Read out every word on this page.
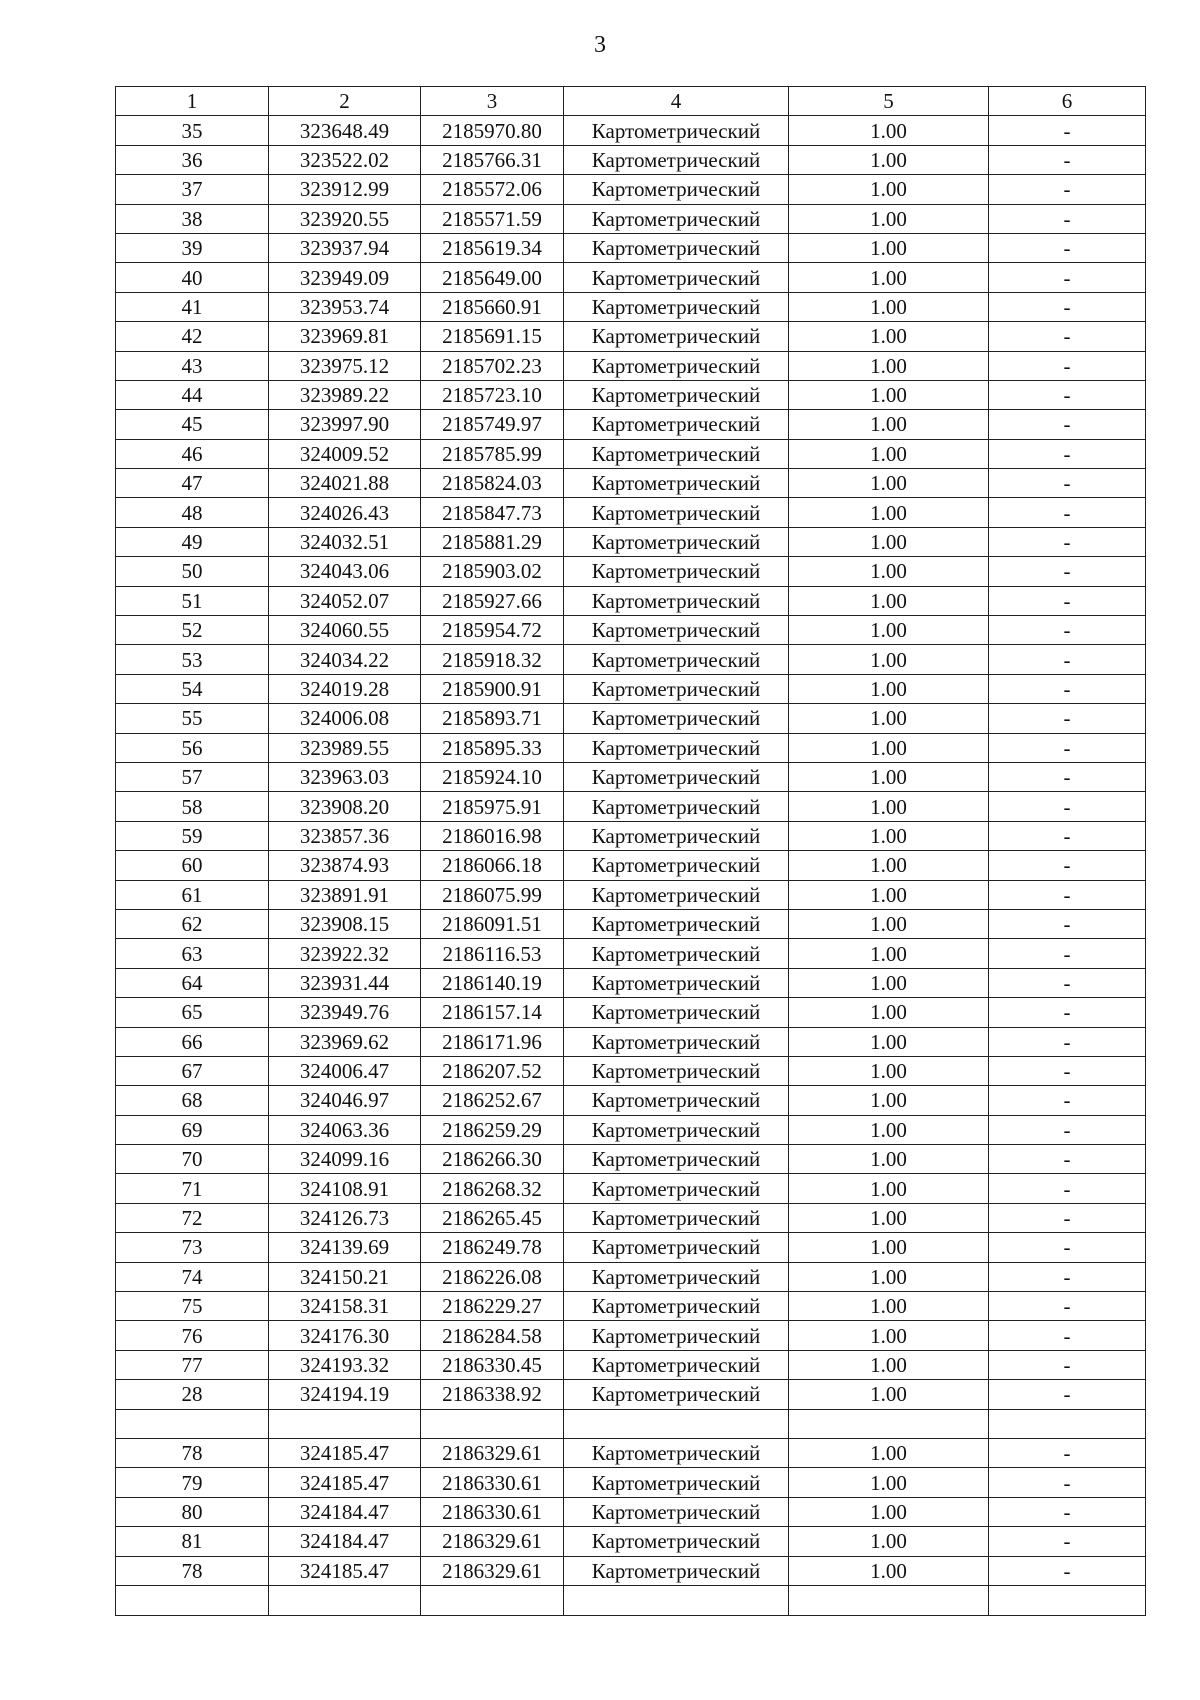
3
1	2	3	4	5	6
35	323648.49	2185970.80	Картометрический	1.00	-
36	323522.02	2185766.31	Картометрический	1.00	-
37	323912.99	2185572.06	Картометрический	1.00	-
38	323920.55	2185571.59	Картометрический	1.00	-
39	323937.94	2185619.34	Картометрический	1.00	-
40	323949.09	2185649.00	Картометрический	1.00	-
41	323953.74	2185660.91	Картометрический	1.00	-
42	323969.81	2185691.15	Картометрический	1.00	-
43	323975.12	2185702.23	Картометрический	1.00	-
44	323989.22	2185723.10	Картометрический	1.00	-
45	323997.90	2185749.97	Картометрический	1.00	-
46	324009.52	2185785.99	Картометрический	1.00	-
47	324021.88	2185824.03	Картометрический	1.00	-
48	324026.43	2185847.73	Картометрический	1.00	-
49	324032.51	2185881.29	Картометрический	1.00	-
50	324043.06	2185903.02	Картометрический	1.00	-
51	324052.07	2185927.66	Картометрический	1.00	-
52	324060.55	2185954.72	Картометрический	1.00	-
53	324034.22	2185918.32	Картометрический	1.00	-
54	324019.28	2185900.91	Картометрический	1.00	-
55	324006.08	2185893.71	Картометрический	1.00	-
56	323989.55	2185895.33	Картометрический	1.00	-
57	323963.03	2185924.10	Картометрический	1.00	-
58	323908.20	2185975.91	Картометрический	1.00	-
59	323857.36	2186016.98	Картометрический	1.00	-
60	323874.93	2186066.18	Картометрический	1.00	-
61	323891.91	2186075.99	Картометрический	1.00	-
62	323908.15	2186091.51	Картометрический	1.00	-
63	323922.32	2186116.53	Картометрический	1.00	-
64	323931.44	2186140.19	Картометрический	1.00	-
65	323949.76	2186157.14	Картометрический	1.00	-
66	323969.62	2186171.96	Картометрический	1.00	-
67	324006.47	2186207.52	Картометрический	1.00	-
68	324046.97	2186252.67	Картометрический	1.00	-
69	324063.36	2186259.29	Картометрический	1.00	-
70	324099.16	2186266.30	Картометрический	1.00	-
71	324108.91	2186268.32	Картометрический	1.00	-
72	324126.73	2186265.45	Картометрический	1.00	-
73	324139.69	2186249.78	Картометрический	1.00	-
74	324150.21	2186226.08	Картометрический	1.00	-
75	324158.31	2186229.27	Картометрический	1.00	-
76	324176.30	2186284.58	Картометрический	1.00	-
77	324193.32	2186330.45	Картометрический	1.00	-
28	324194.19	2186338.92	Картометрический	1.00	-

78	324185.47	2186329.61	Картометрический	1.00	-
79	324185.47	2186330.61	Картометрический	1.00	-
80	324184.47	2186330.61	Картометрический	1.00	-
81	324184.47	2186329.61	Картометрический	1.00	-
78	324185.47	2186329.61	Картометрический	1.00	-
